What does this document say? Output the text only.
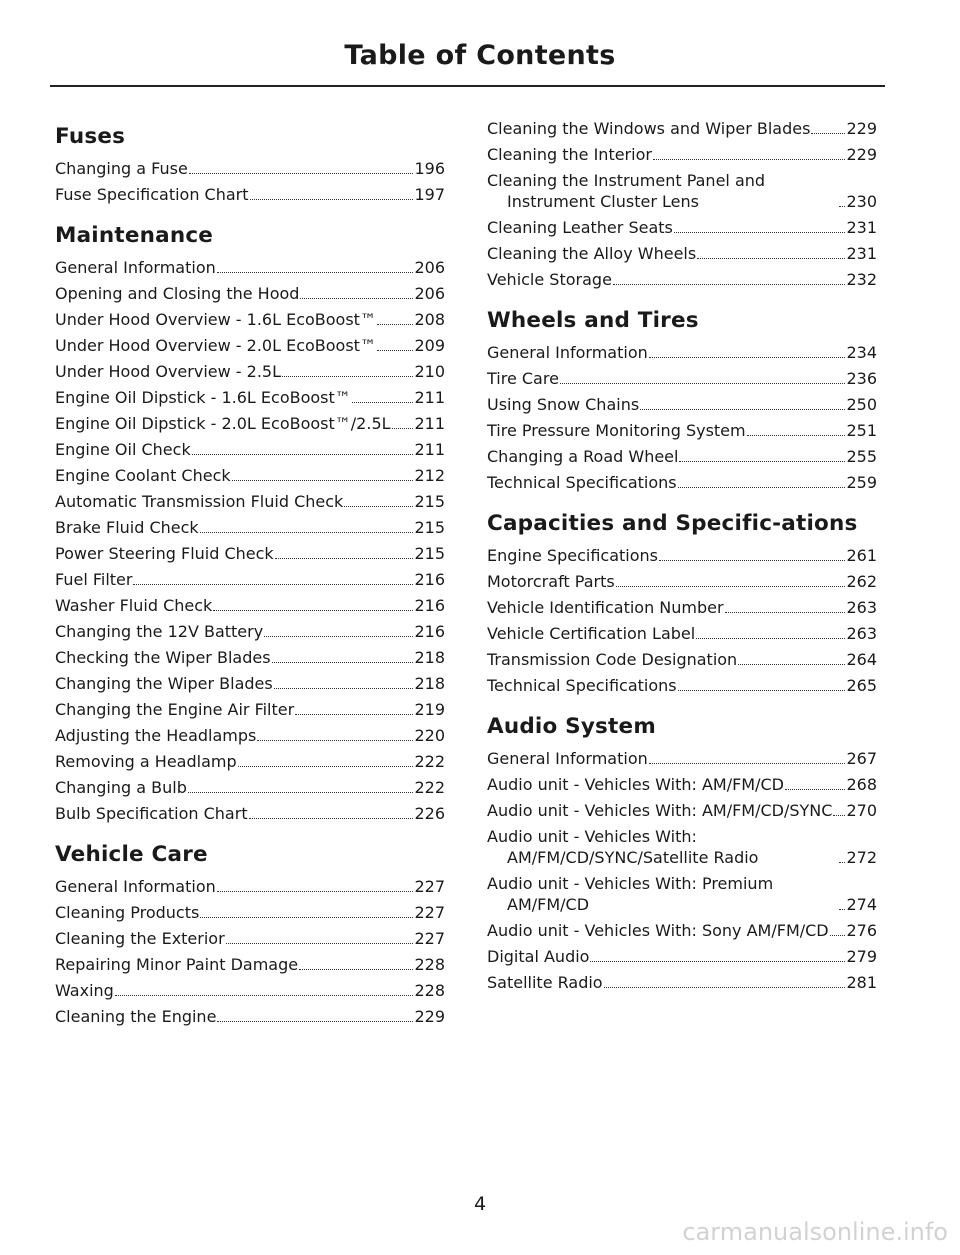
Table of Contents
Fuses
Changing a Fuse	196
Fuse Specification Chart	197
Maintenance
General Information	206
Opening and Closing the Hood	206
Under Hood Overview - 1.6L EcoBoost™ 208
Under Hood Overview - 2.0L EcoBoost™ 209
Under Hood Overview - 2.5L	210
Engine Oil Dipstick - 1.6L EcoBoost™	211
Engine Oil Dipstick - 2.0L EcoBoost™/2.5L 211
Engine Oil Check	211
Engine Coolant Check	212
Automatic Transmission Fluid Check	215
Brake Fluid Check	215
Power Steering Fluid Check	215
Fuel Filter	216
Washer Fluid Check	216
Changing the 12V Battery	216
Checking the Wiper Blades	218
Changing the Wiper Blades	218
Changing the Engine Air Filter	219
Adjusting the Headlamps	220
Removing a Headlamp	222
Changing a Bulb	222
Bulb Specification Chart	226
Vehicle Care
General Information	227
Cleaning Products	227
Cleaning the Exterior	227
Repairing Minor Paint Damage	228
Waxing	228
Cleaning the Engine	229
Cleaning the Windows and Wiper Blades 229
Cleaning the Interior	229
Cleaning the Instrument Panel and Instrument Cluster Lens	230
Cleaning Leather Seats	231
Cleaning the Alloy Wheels	231
Vehicle Storage	232
Wheels and Tires
General Information	234
Tire Care	236
Using Snow Chains	250
Tire Pressure Monitoring System	251
Changing a Road Wheel	255
Technical Specifications	259
Capacities and Specific-ations
Engine Specifications	261
Motorcraft Parts	262
Vehicle Identification Number	263
Vehicle Certification Label	263
Transmission Code Designation	264
Technical Specifications	265
Audio System
General Information	267
Audio unit - Vehicles With: AM/FM/CD	268
Audio unit - Vehicles With: AM/FM/CD/SYNC 270
Audio unit - Vehicles With: AM/FM/CD/SYNC/Satellite Radio	272
Audio unit - Vehicles With: Premium AM/FM/CD	274
Audio unit - Vehicles With: Sony AM/FM/CD 276
Digital Audio	279
Satellite Radio	281
4
carmanualsonline.info
